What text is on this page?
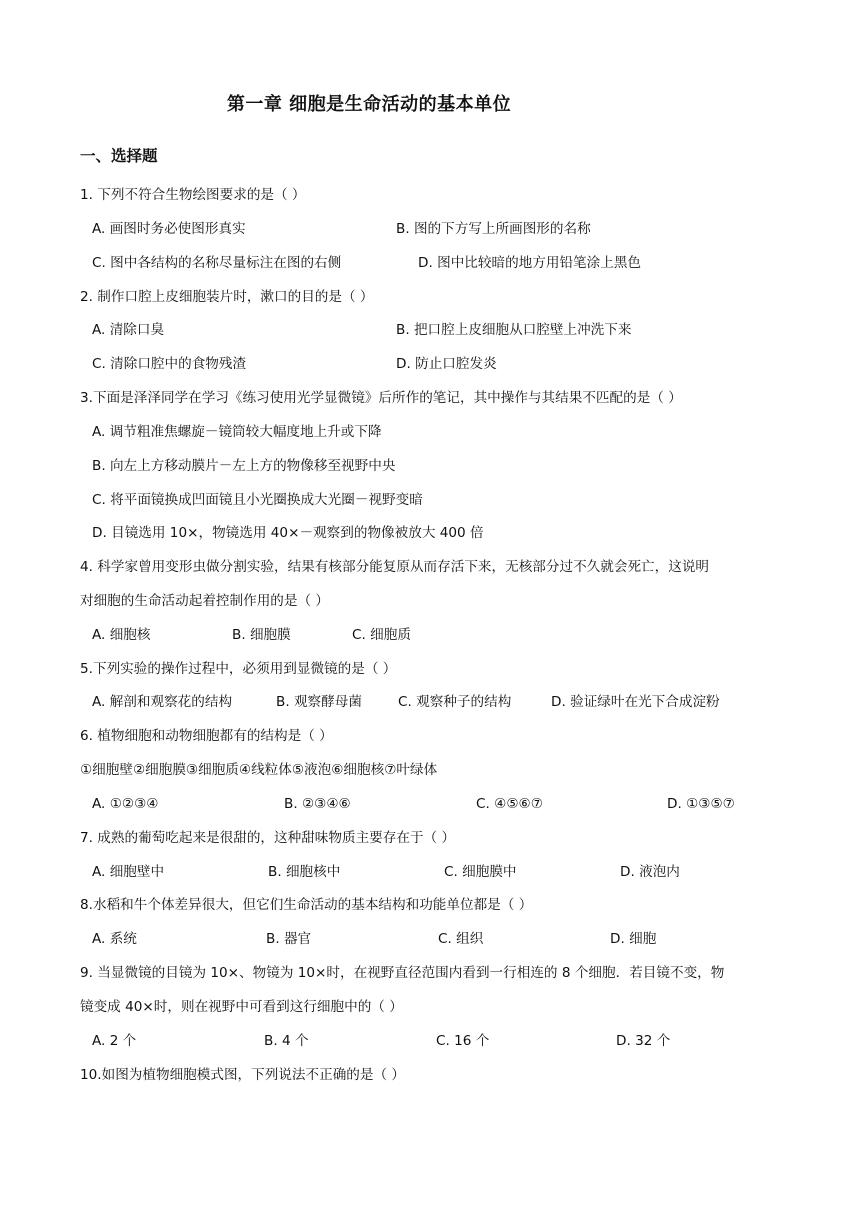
第一章 细胞是生命活动的基本单位
一、选择题
1. 下列不符合生物绘图要求的是（ ）
A. 画图时务必使图形真实	B. 图的下方写上所画图形的名称
C. 图中各结构的名称尽量标注在图的右侧	D. 图中比较暗的地方用铅笔涂上黑色
2. 制作口腔上皮细胞装片时，漱口的目的是（ ）
A. 清除口臭	B. 把口腔上皮细胞从口腔壁上冲洗下来
C. 清除口腔中的食物残渣	D. 防止口腔发炎
3.下面是泽泽同学在学习《练习使用光学显微镜》后所作的笔记，其中操作与其结果不匹配的是（ ）
A. 调节粗准焦螺旋－镜筒较大幅度地上升或下降
B. 向左上方移动膜片－左上方的物像移至视野中央
C. 将平面镜换成凹面镜且小光圈换成大光圈－视野变暗
D. 目镜选用 10×，物镜选用 40×－观察到的物像被放大 400 倍
4. 科学家曾用变形虫做分割实验，结果有核部分能复原从而存活下来，无核部分过不久就会死亡，这说明
对细胞的生命活动起着控制作用的是（ ）
A. 细胞核	B. 细胞膜	C. 细胞质
5.下列实验的操作过程中，必须用到显微镜的是（ ）
A. 解剖和观察花的结构	B. 观察酵母菌	C. 观察种子的结构	D. 验证绿叶在光下合成淀粉
6. 植物细胞和动物细胞都有的结构是（ ）
①细胞壁②细胞膜③细胞质④线粒体⑤液泡⑥细胞核⑦叶绿体
A. ①②③④	B. ②③④⑥	C. ④⑤⑥⑦	D. ①③⑤⑦
7. 成熟的葡萄吃起来是很甜的，这种甜味物质主要存在于（ ）
A. 细胞壁中	B. 细胞核中	C. 细胞膜中	D. 液泡内
8.水稻和牛个体差异很大，但它们生命活动的基本结构和功能单位都是（ ）
A. 系统	B. 器官	C. 组织	D. 细胞
9. 当显微镜的目镜为 10×、物镜为 10×时，在视野直径范围内看到一行相连的 8 个细胞．若目镜不变，物
镜变成 40×时，则在视野中可看到这行细胞中的（ ）
A. 2 个	B. 4 个	C. 16 个	D. 32 个
10.如图为植物细胞模式图，下列说法不正确的是（ ）
